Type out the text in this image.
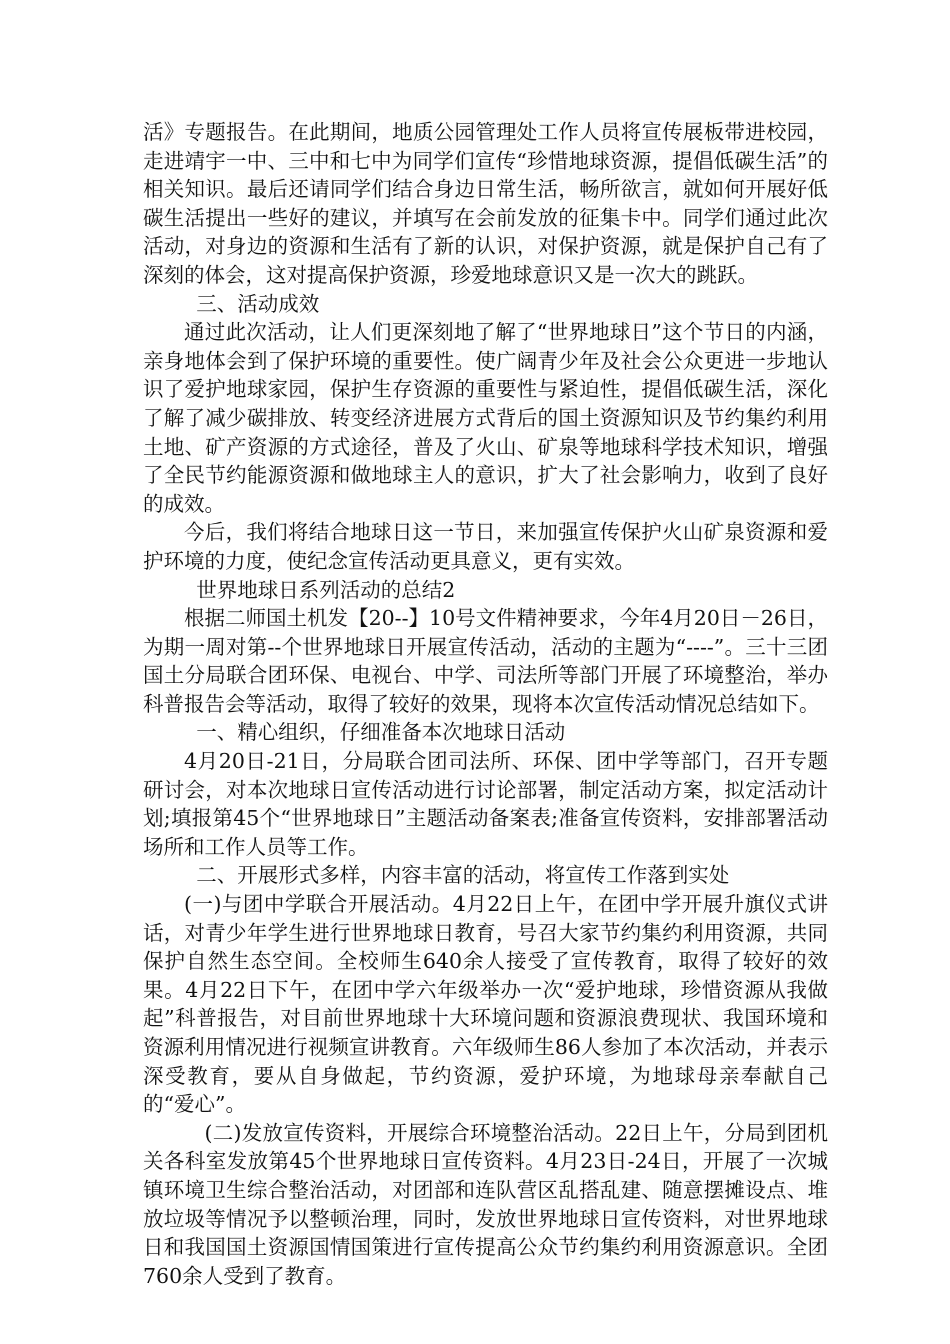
活》专题报告。在此期间，地质公园管理处工作人员将宣传展板带进校园，走进靖宇一中、三中和七中为同学们宣传“珍惜地球资源，提倡低碳生活”的相关知识。最后还请同学们结合身边日常生活，畅所欲言，就如何开展好低碳生活提出一些好的建议，并填写在会前发放的征集卡中。同学们通过此次活动，对身边的资源和生活有了新的认识，对保护资源，就是保护自己有了深刻的体会，这对提高保护资源，珍爱地球意识又是一次大的跳跃。

三、活动成效

通过此次活动，让人们更深刻地了解了“世界地球日”这个节日的内涵，亲身地体会到了保护环境的重要性。使广阔青少年及社会公众更进一步地认识了爱护地球家园，保护生存资源的重要性与紧迫性，提倡低碳生活，深化了解了减少碳排放、转变经济进展方式背后的国土资源知识及节约集约利用土地、矿产资源的方式途径，普及了火山、矿泉等地球科学技术知识，增强了全民节约能源资源和做地球主人的意识，扩大了社会影响力，收到了良好的成效。

今后，我们将结合地球日这一节日，来加强宣传保护火山矿泉资源和爱护环境的力度，使纪念宣传活动更具意义，更有实效。

世界地球日系列活动的总结2

根据二师国土机发【20--】10号文件精神要求，今年4月20日－26日，为期一周对第--个世界地球日开展宣传活动，活动的主题为“----”。三十三团国土分局联合团环保、电视台、中学、司法所等部门开展了环境整治，举办科普报告会等活动，取得了较好的效果，现将本次宣传活动情况总结如下。

一、精心组织，仔细准备本次地球日活动

4月20日-21日，分局联合团司法所、环保、团中学等部门，召开专题研讨会，对本次地球日宣传活动进行讨论部署，制定活动方案，拟定活动计划;填报第45个“世界地球日”主题活动备案表;准备宣传资料，安排部署活动场所和工作人员等工作。

二、开展形式多样，内容丰富的活动，将宣传工作落到实处

(一)与团中学联合开展活动。4月22日上午，在团中学开展升旗仪式讲话，对青少年学生进行世界地球日教育，号召大家节约集约利用资源，共同保护自然生态空间。全校师生640余人接受了宣传教育，取得了较好的效果。4月22日下午，在团中学六年级举办一次“爱护地球，珍惜资源从我做起”科普报告，对目前世界地球十大环境问题和资源浪费现状、我国环境和资源利用情况进行视频宣讲教育。六年级师生86人参加了本次活动，并表示深受教育，要从自身做起，节约资源，爱护环境，为地球母亲奉献自己的“爱心”。

(二)发放宣传资料，开展综合环境整治活动。22日上午，分局到团机关各科室发放第45个世界地球日宣传资料。4月23日-24日，开展了一次城镇环境卫生综合整治活动，对团部和连队营区乱搭乱建、随意摆摊设点、堆放垃圾等情况予以整顿治理，同时，发放世界地球日宣传资料，对世界地球日和我国国土资源国情国策进行宣传提高公众节约集约利用资源意识。全团760余人受到了教育。
